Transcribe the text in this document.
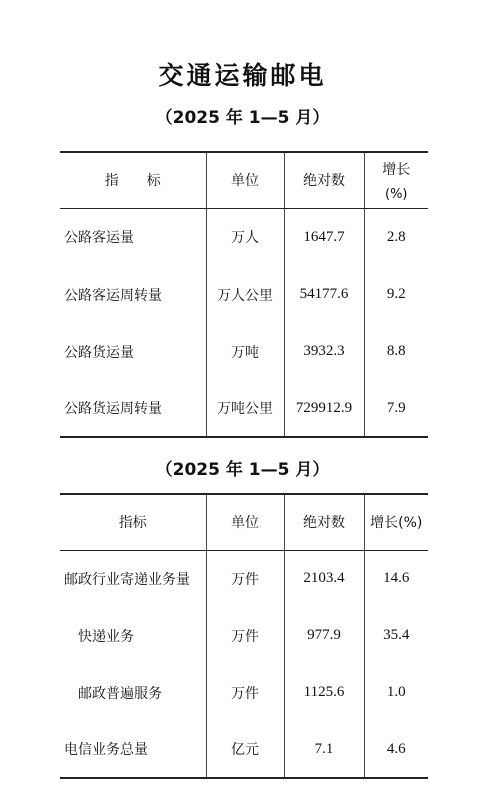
交通运输邮电
（2025 年 1—5 月）
指　　标	单位	绝对数	增长
(%)

公路客运量	万人	1647.7	2.8
公路客运周转量	万人公里	54177.6	9.2
公路货运量	万吨	3932.3	8.8
公路货运周转量	万吨公里	729912.9	7.9
（2025 年 1—5 月）
指标	单位	绝对数	增长(%)
邮政行业寄递业务量	万件	2103.4	14.6
快递业务	万件	977.9	35.4
邮政普遍服务	万件	1125.6	1.0
电信业务总量	亿元	7.1	4.6
